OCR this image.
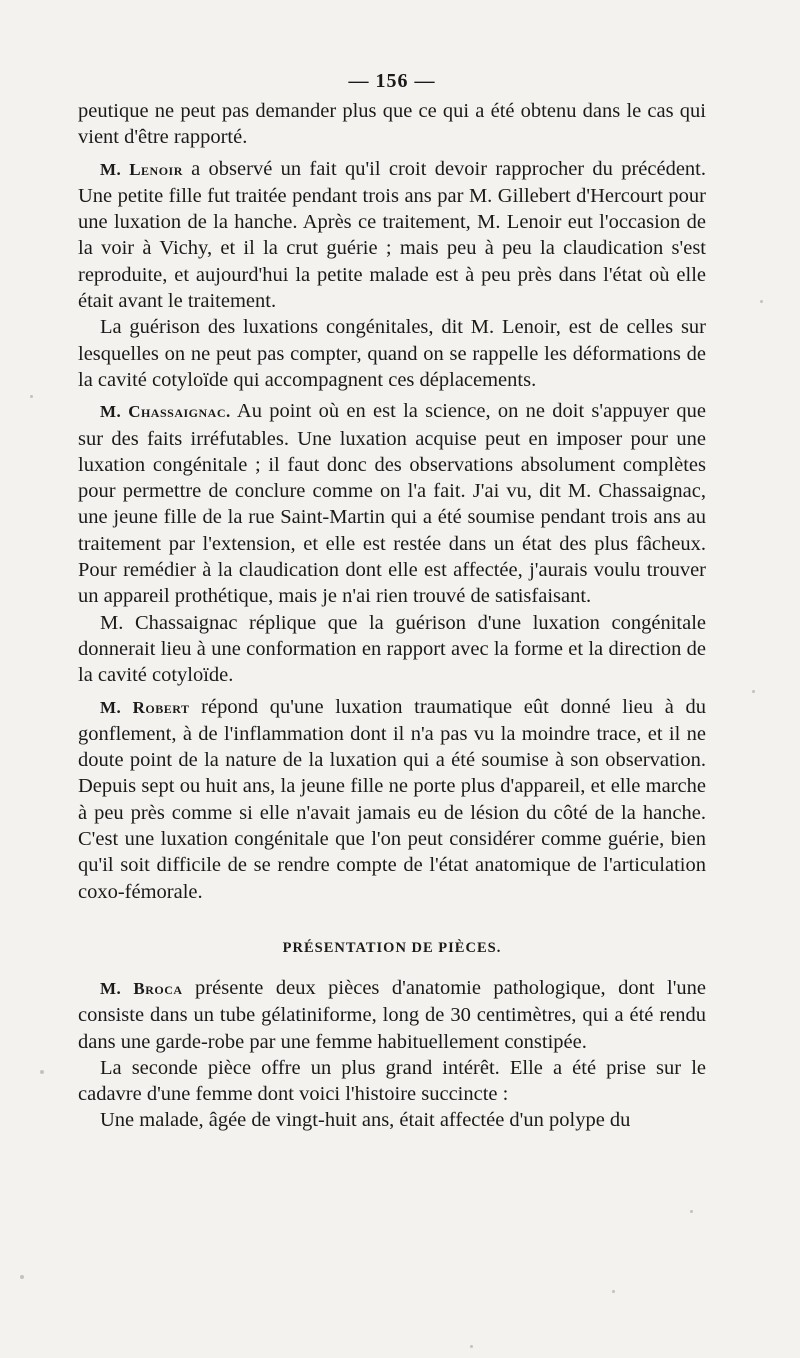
— 156 —

peutique ne peut pas demander plus que ce qui a été obtenu dans le cas qui vient d'être rapporté.

M. Lenoir a observé un fait qu'il croit devoir rapprocher du précédent. Une petite fille fut traitée pendant trois ans par M. Gillebert d'Hercourt pour une luxation de la hanche. Après ce traitement, M. Lenoir eut l'occasion de la voir à Vichy, et il la crut guérie ; mais peu à peu la claudication s'est reproduite, et aujourd'hui la petite malade est à peu près dans l'état où elle était avant le traitement.

La guérison des luxations congénitales, dit M. Lenoir, est de celles sur lesquelles on ne peut pas compter, quand on se rappelle les déformations de la cavité cotyloïde qui accompagnent ces déplacements.

M. Chassaignac. Au point où en est la science, on ne doit s'appuyer que sur des faits irréfutables. Une luxation acquise peut en imposer pour une luxation congénitale ; il faut donc des observations absolument complètes pour permettre de conclure comme on l'a fait. J'ai vu, dit M. Chassaignac, une jeune fille de la rue Saint-Martin qui a été soumise pendant trois ans au traitement par l'extension, et elle est restée dans un état des plus fâcheux. Pour remédier à la claudication dont elle est affectée, j'aurais voulu trouver un appareil prothétique, mais je n'ai rien trouvé de satisfaisant.

M. Chassaignac réplique que la guérison d'une luxation congénitale donnerait lieu à une conformation en rapport avec la forme et la direction de la cavité cotyloïde.

M. Robert répond qu'une luxation traumatique eût donné lieu à du gonflement, à de l'inflammation dont il n'a pas vu la moindre trace, et il ne doute point de la nature de la luxation qui a été soumise à son observation. Depuis sept ou huit ans, la jeune fille ne porte plus d'appareil, et elle marche à peu près comme si elle n'avait jamais eu de lésion du côté de la hanche. C'est une luxation congénitale que l'on peut considérer comme guérie, bien qu'il soit difficile de se rendre compte de l'état anatomique de l'articulation coxo-fémorale.

PRÉSENTATION DE PIÈCES.

M. Broca présente deux pièces d'anatomie pathologique, dont l'une consiste dans un tube gélatiniforme, long de 30 centimètres, qui a été rendu dans une garde-robe par une femme habituellement constipée.

La seconde pièce offre un plus grand intérêt. Elle a été prise sur le cadavre d'une femme dont voici l'histoire succincte :

Une malade, âgée de vingt-huit ans, était affectée d'un polype du
